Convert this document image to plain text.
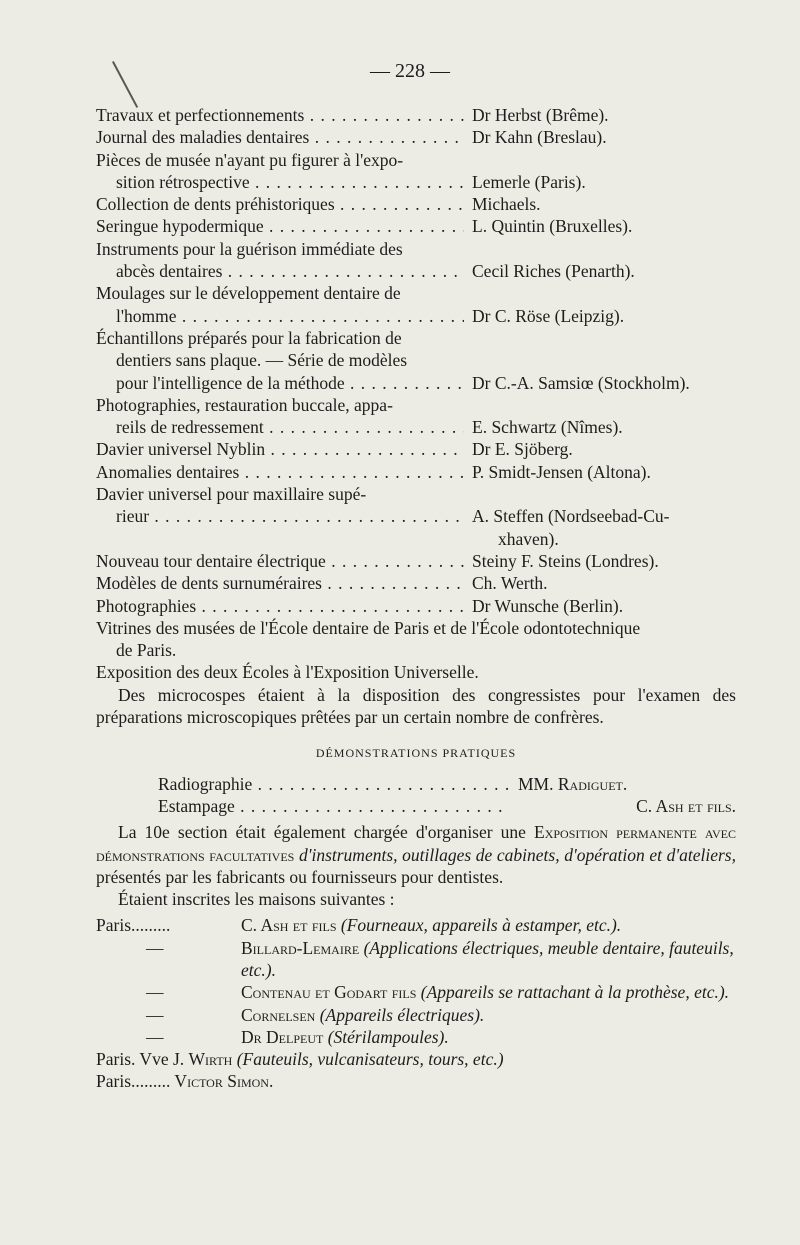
— 228 —
Travaux et perfectionnements . . .	Dr Herbst (Brême).
Journal des maladies dentaires . . .	Dr Kahn (Breslau).
Pièces de musée n'ayant pu figurer à l'expo-
sition rétrospective . . .	Lemerle (Paris).
Collection de dents préhistoriques . . .	Michaels.
Seringue hypodermique . . .	L. Quintin (Bruxelles).
Instruments pour la guérison immédiate des
abcès dentaires . . .	Cecil Riches (Penarth).
Moulages sur le développement dentaire de
l'homme . . .	Dr C. Röse (Leipzig).
Échantillons préparés pour la fabrication de
dentiers sans plaque. — Série de modèles
pour l'intelligence de la méthode . . .	Dr C.-A. Samsiœ (Stockholm).
Photographies, restauration buccale, appa-
reils de redressement . . .	E. Schwartz (Nîmes).
Davier universel Nyblin . . .	Dr E. Sjöberg.
Anomalies dentaires . . .	P. Smidt-Jensen (Altona).
Davier universel pour maxillaire supé-
rieur . . .	A. Steffen (Nordseebad-Cu-
xhaven).
Nouveau tour dentaire électrique . . .	Steiny F. Steins (Londres).
Modèles de dents surnuméraires . . .	Ch. Werth.
Photographies . . .	Dr Wunsche (Berlin).
Vitrines des musées de l'École dentaire de Paris et de l'École odontotechnique
de Paris.
Exposition des deux Écoles à l'Exposition Universelle.
Des microcospes étaient à la disposition des congressistes pour l'examen des préparations microscopiques prêtées par un certain nombre de confrères.
DÉMONSTRATIONS PRATIQUES
Radiographie . . .	MM. Radiguet.
Estampage . . .	C. Ash et fils.
La 10e section était également chargée d'organiser une Exposition permanente avec démonstrations facultatives d'instruments, outillages de cabinets, d'opération et d'ateliers, présentés par les fabricants ou fournisseurs pour dentistes.
Étaient inscrites les maisons suivantes :
Paris.........	C. Ash et fils (Fourneaux, appareils à estamper, etc.).
—	Billard-Lemaire (Applications électriques, meuble dentaire, fauteuils, etc.).
—	Contenau et Godart fils (Appareils se rattachant à la prothèse, etc.).
—	Cornelsen (Appareils électriques).
—	Dr Delpeut (Stérilampoules).
Paris. Vve J. Wirth (Fauteuils, vulcanisateurs, tours, etc.)
Paris......... Victor Simon.
